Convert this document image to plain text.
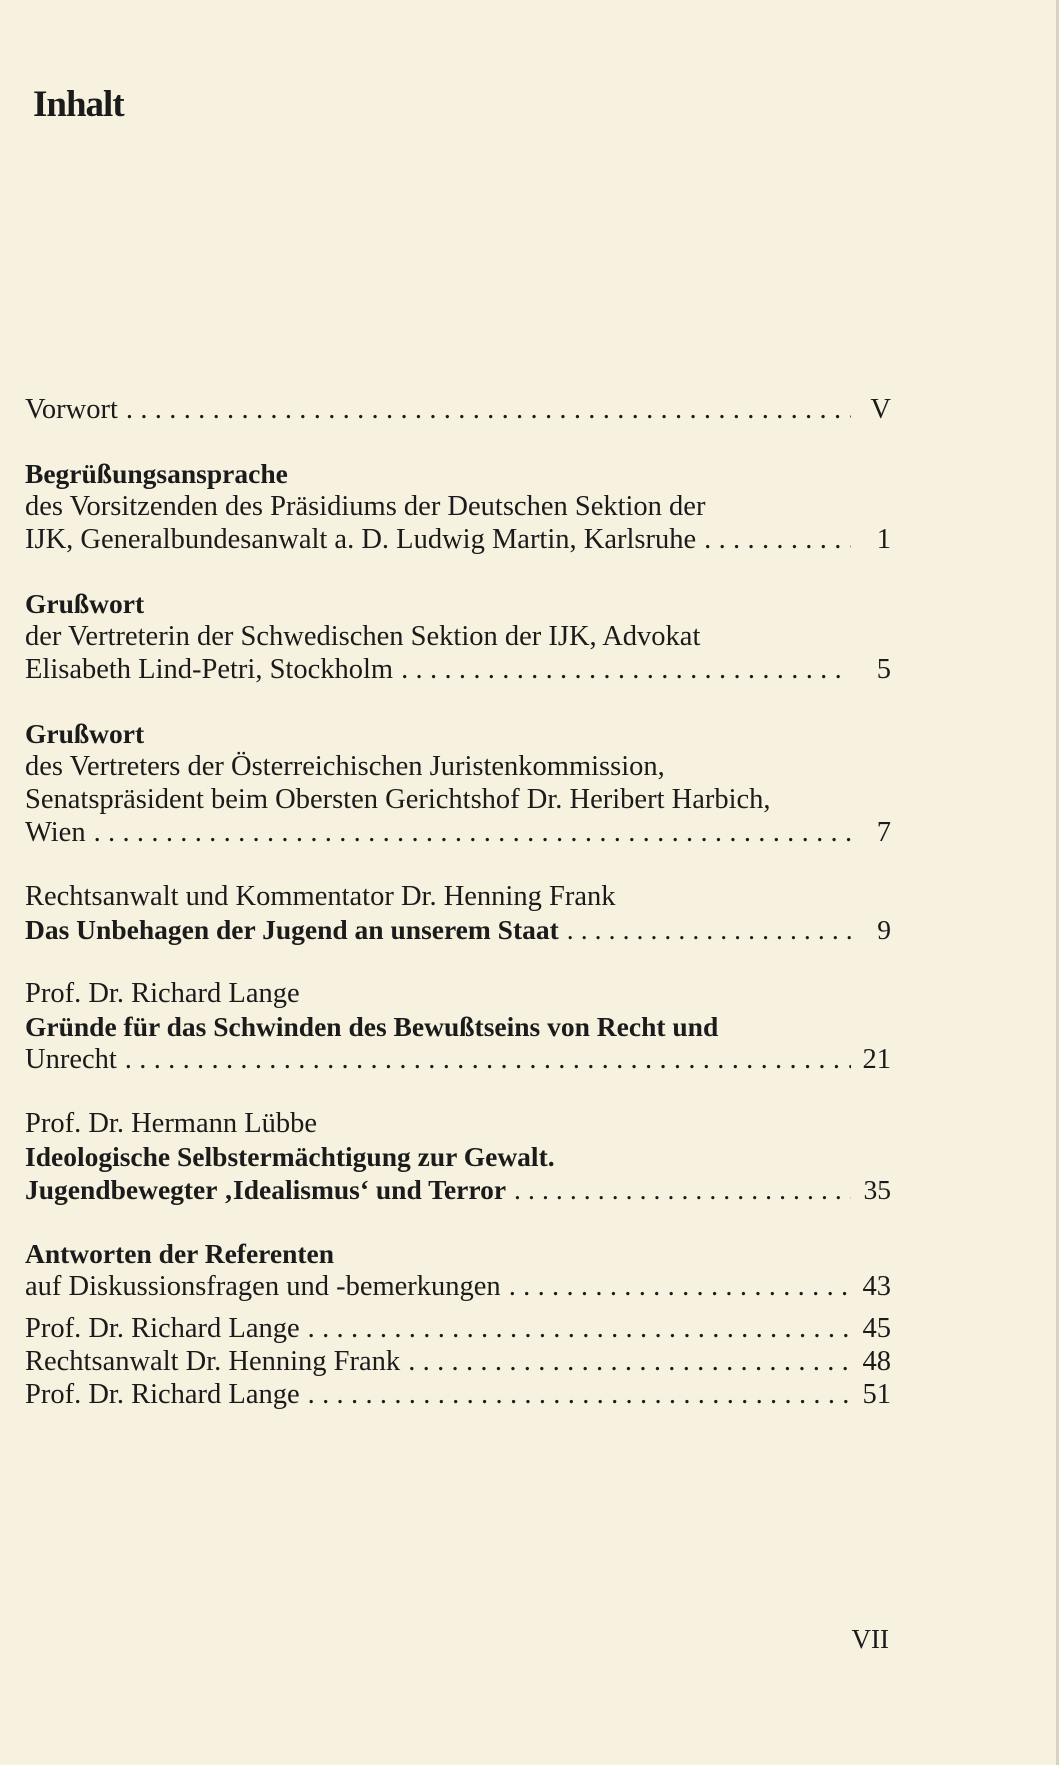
Inhalt
Vorwort . . .	V
Begrüßungsansprache
des Vorsitzenden des Präsidiums der Deutschen Sektion der
IJK, Generalbundesanwalt a. D. Ludwig Martin, Karlsruhe . . .	1
Grußwort
der Vertreterin der Schwedischen Sektion der IJK, Advokat
Elisabeth Lind-Petri, Stockholm . . .	5
Grußwort
des Vertreters der Österreichischen Juristenkommission,
Senatspräsident beim Obersten Gerichtshof Dr. Heribert Harbich,
Wien . . .	7
Rechtsanwalt und Kommentator Dr. Henning Frank
Das Unbehagen der Jugend an unserem Staat . . .	9
Prof. Dr. Richard Lange
Gründe für das Schwinden des Bewußtseins von Recht und
Unrecht . . .	21
Prof. Dr. Hermann Lübbe
Ideologische Selbstermächtigung zur Gewalt.
Jugendbewegter ‚Idealismus‘ und Terror . . .	35
Antworten der Referenten
auf Diskussionsfragen und -bemerkungen . . .	43
Prof. Dr. Richard Lange . . .	45
Rechtsanwalt Dr. Henning Frank . . .	48
Prof. Dr. Richard Lange . . .	51
VII
